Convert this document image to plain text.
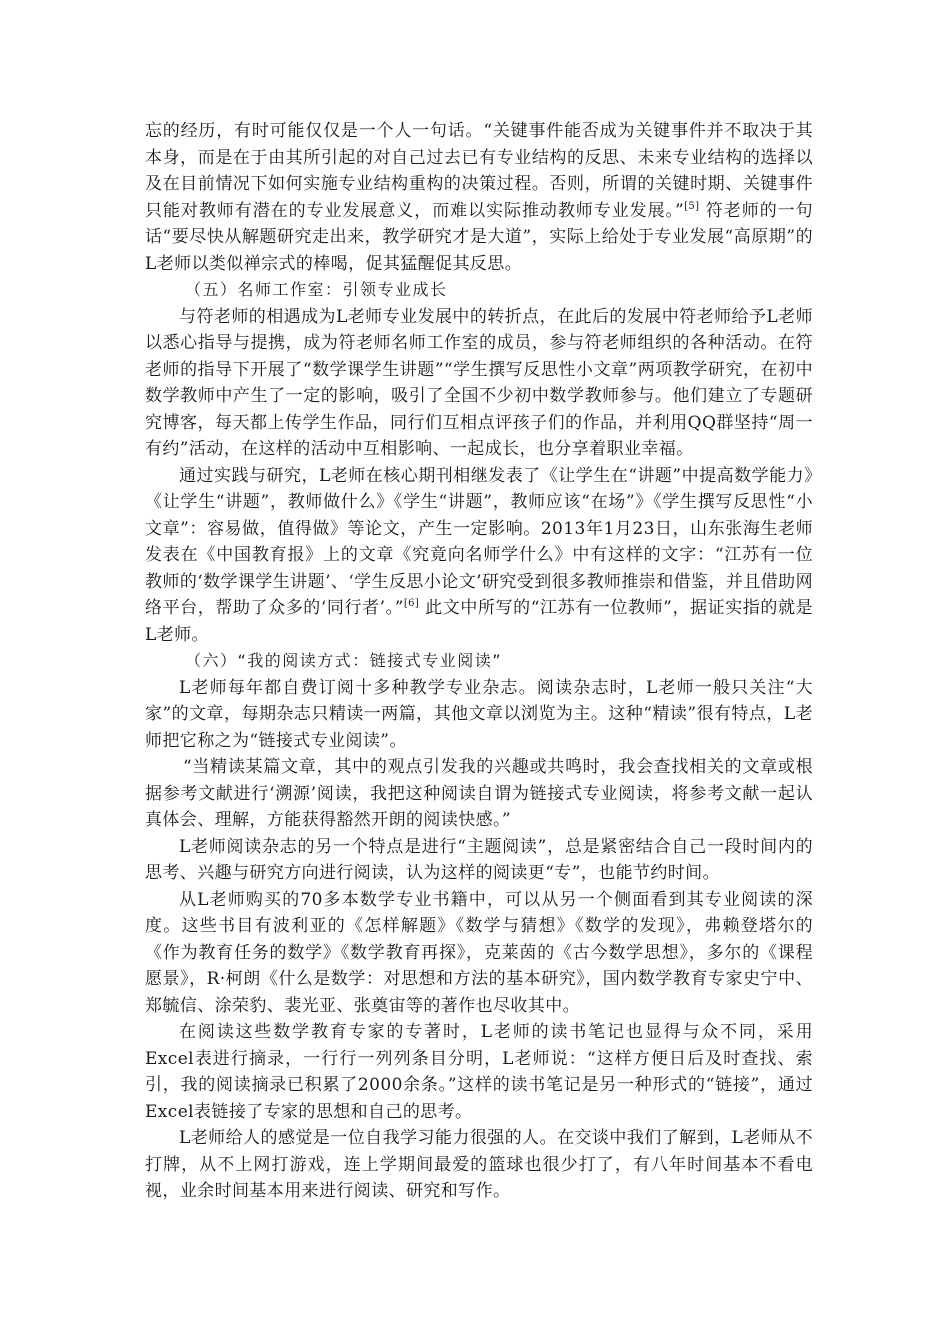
忘的经历，有时可能仅仅是一个人一句话。“关键事件能否成为关键事件并不取决于其本身，而是在于由其所引起的对自己过去已有专业结构的反思、未来专业结构的选择以及在目前情况下如何实施专业结构重构的决策过程。否则，所谓的关键时期、关键事件只能对教师有潜在的专业发展意义，而难以实际推动教师专业发展。”[5] 符老师的一句话“要尽快从解题研究走出来，教学研究才是大道”，实际上给处于专业发展“高原期”的L老师以类似禅宗式的棒喝，促其猛醒促其反思。

（五）名师工作室：引领专业成长

与符老师的相遇成为L老师专业发展中的转折点，在此后的发展中符老师给予L老师以悉心指导与提携，成为符老师名师工作室的成员，参与符老师组织的各种活动。在符老师的指导下开展了“数学课学生讲题”“学生撰写反思性小文章”两项教学研究，在初中数学教师中产生了一定的影响，吸引了全国不少初中数学教师参与。他们建立了专题研究博客，每天都上传学生作品，同行们互相点评孩子们的作品，并利用QQ群坚持“周一有约”活动，在这样的活动中互相影响、一起成长，也分享着职业幸福。

通过实践与研究，L老师在核心期刊相继发表了《让学生在“讲题”中提高数学能力》《让学生“讲题”，教师做什么》《学生“讲题”，教师应该“在场”》《学生撰写反思性“小文章”：容易做，值得做》等论文，产生一定影响。2013年1月23日，山东张海生老师发表在《中国教育报》上的文章《究竟向名师学什么》中有这样的文字：“江苏有一位教师的‘数学课学生讲题’、‘学生反思小论文’研究受到很多教师推崇和借鉴，并且借助网络平台，帮助了众多的‘同行者’。”[6] 此文中所写的“江苏有一位教师”，据证实指的就是L老师。

（六）“我的阅读方式：链接式专业阅读”

L老师每年都自费订阅十多种教学专业杂志。阅读杂志时，L老师一般只关注“大家”的文章，每期杂志只精读一两篇，其他文章以浏览为主。这种“精读”很有特点，L老师把它称之为“链接式专业阅读”。

“当精读某篇文章，其中的观点引发我的兴趣或共鸣时，我会查找相关的文章或根据参考文献进行‘溯源’阅读，我把这种阅读自谓为链接式专业阅读，将参考文献一起认真体会、理解，方能获得豁然开朗的阅读快感。”

L老师阅读杂志的另一个特点是进行“主题阅读”，总是紧密结合自己一段时间内的思考、兴趣与研究方向进行阅读，认为这样的阅读更“专”，也能节约时间。

从L老师购买的70多本数学专业书籍中，可以从另一个侧面看到其专业阅读的深度。这些书目有波利亚的《怎样解题》《数学与猜想》《数学的发现》，弗赖登塔尔的《作为教育任务的数学》《数学教育再探》，克莱茵的《古今数学思想》，多尔的《课程愿景》，R·柯朗《什么是数学：对思想和方法的基本研究》，国内数学教育专家史宁中、郑毓信、涂荣豹、裴光亚、张奠宙等的著作也尽收其中。

在阅读这些数学教育专家的专著时，L老师的读书笔记也显得与众不同，采用Excel表进行摘录，一行行一列列条目分明，L老师说：“这样方便日后及时查找、索引，我的阅读摘录已积累了2000余条。”这样的读书笔记是另一种形式的“链接”，通过Excel表链接了专家的思想和自己的思考。

L老师给人的感觉是一位自我学习能力很强的人。在交谈中我们了解到，L老师从不打牌，从不上网打游戏，连上学期间最爱的篮球也很少打了，有八年时间基本不看电视，业余时间基本用来进行阅读、研究和写作。
